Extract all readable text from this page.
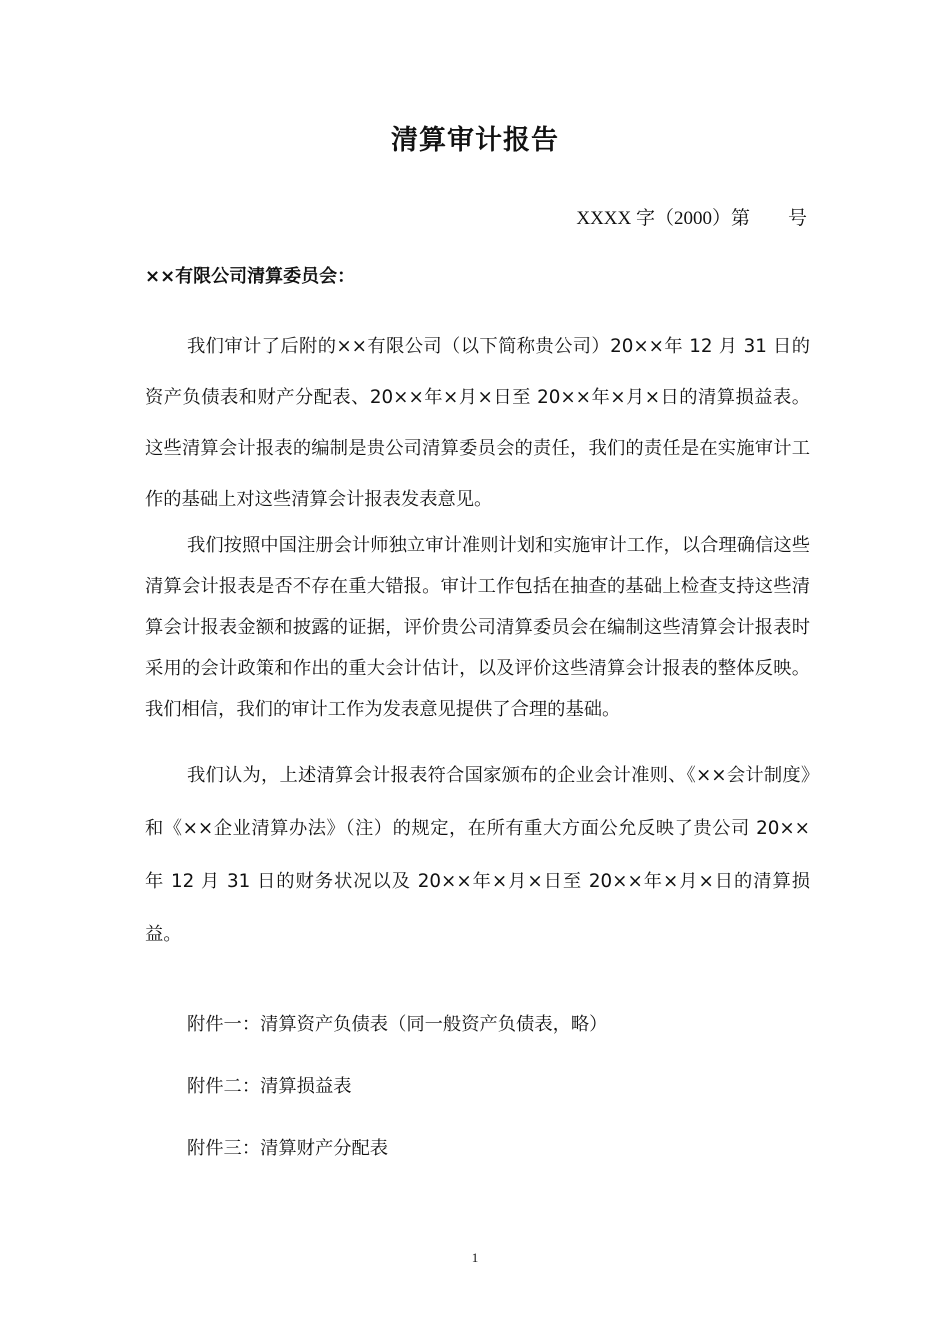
清算审计报告
XXXX 字（2000）第　　号
××有限公司清算委员会：
我们审计了后附的××有限公司（以下简称贵公司）20××年 12 月 31 日的资产负债表和财产分配表、20××年×月×日至 20××年×月×日的清算损益表。这些清算会计报表的编制是贵公司清算委员会的责任，我们的责任是在实施审计工作的基础上对这些清算会计报表发表意见。
我们按照中国注册会计师独立审计准则计划和实施审计工作，以合理确信这些清算会计报表是否不存在重大错报。审计工作包括在抽查的基础上检查支持这些清算会计报表金额和披露的证据，评价贵公司清算委员会在编制这些清算会计报表时采用的会计政策和作出的重大会计估计，以及评价这些清算会计报表的整体反映。我们相信，我们的审计工作为发表意见提供了合理的基础。
我们认为，上述清算会计报表符合国家颁布的企业会计准则、《××会计制度》和《××企业清算办法》（注）的规定，在所有重大方面公允反映了贵公司 20××年 12 月 31 日的财务状况以及 20××年×月×日至 20××年×月×日的清算损益。
附件一：清算资产负债表（同一般资产负债表，略）
附件二：清算损益表
附件三：清算财产分配表
1
